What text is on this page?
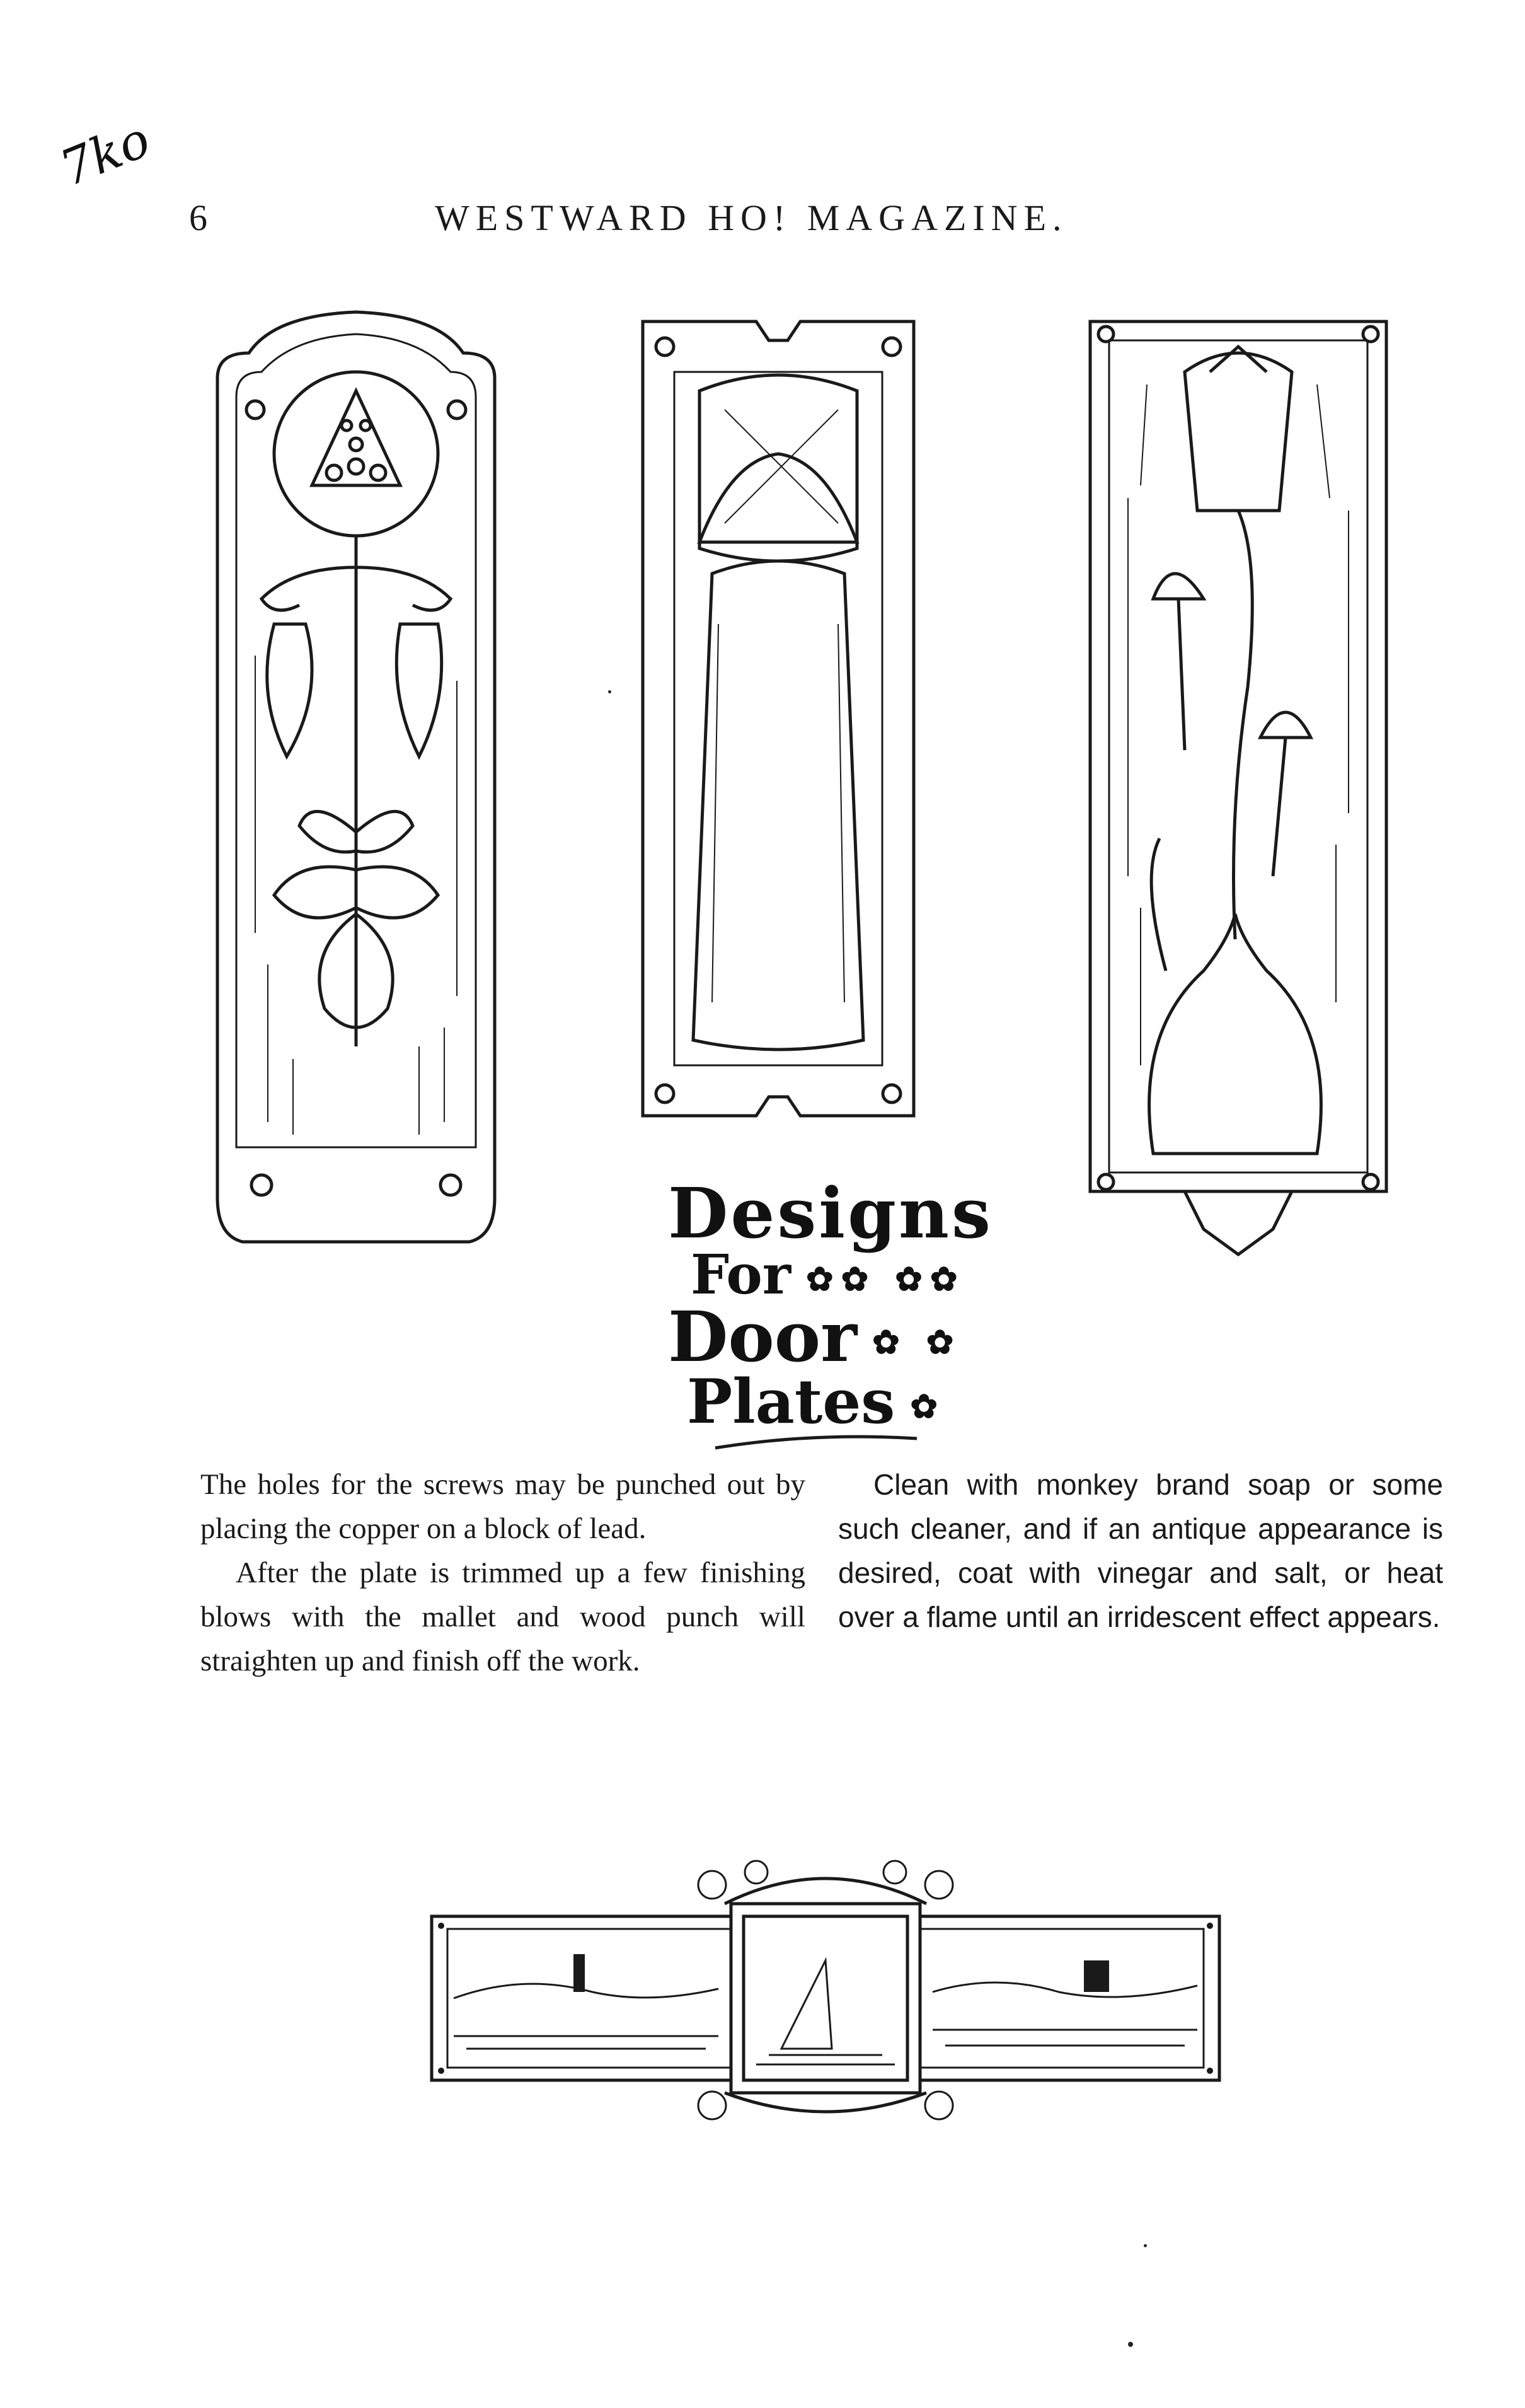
7ko
6	WESTWARD HO! MAGAZINE.
Designs
For ✿✿ ✿✿
Door ✿ ✿
Plates ✿

The holes for the screws may be punched out by placing the copper on a block of lead.

After the plate is trimmed up a few finishing blows with the mallet and wood punch will straighten up and finish off the work.

Clean with monkey brand soap or some such cleaner, and if an antique appearance is desired, coat with vinegar and salt, or heat over a flame until an irridescent effect appears.
